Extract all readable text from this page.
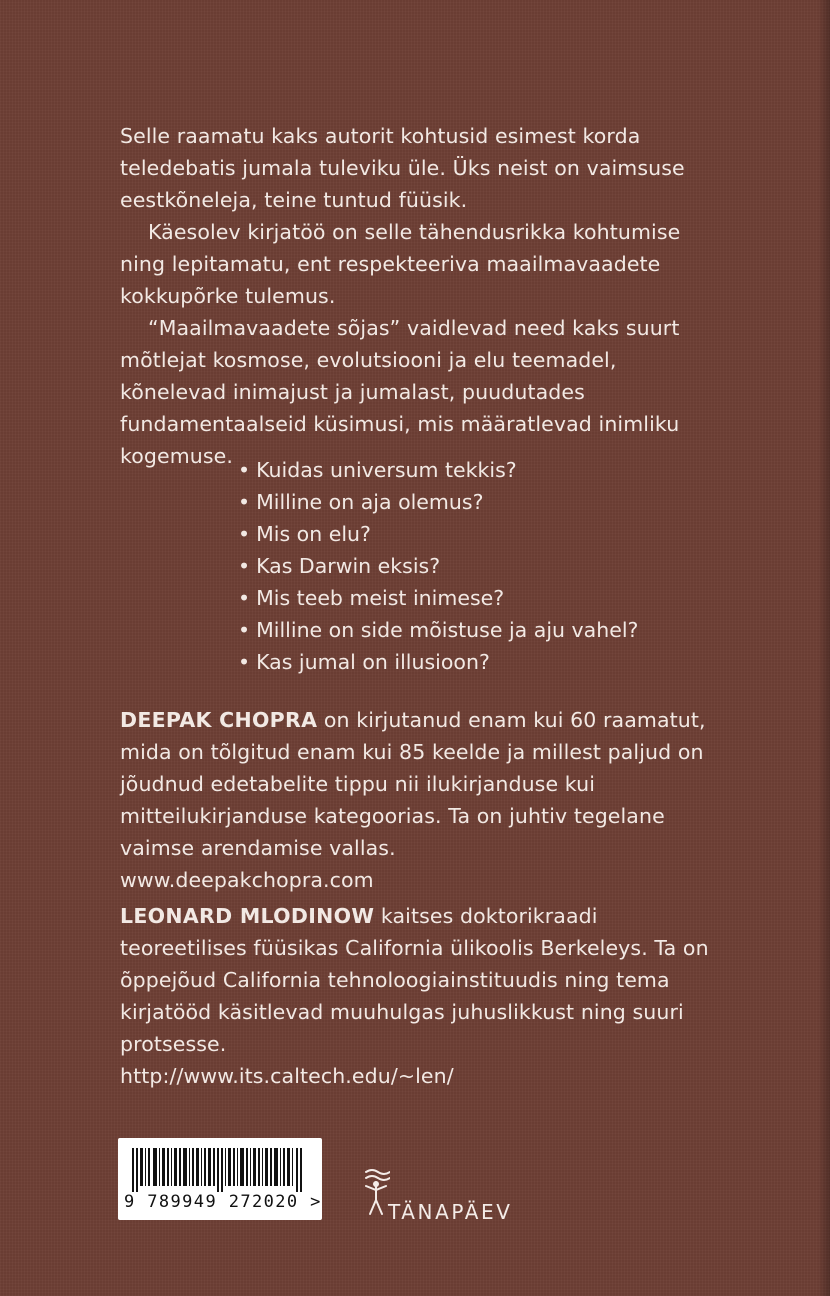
Selle raamatu kaks autorit kohtusid esimest korda teledebatis jumala tuleviku üle. Üks neist on vaimsuse eestkõneleja, teine tuntud füüsik.

Käesolev kirjatöö on selle tähendusrikka kohtumise ning lepitamatu, ent respekteeriva maailmavaadete kokkupõrke tulemus.

“Maailmavaadete sõjas” vaidlevad need kaks suurt mõtlejat kosmose, evolutsiooni ja elu teemadel, kõnelevad inimajust ja jumalast, puudutades fundamentaalseid küsimusi, mis määratlevad inimliku kogemuse.

• Kuidas universum tekkis?
• Milline on aja olemus?
• Mis on elu?
• Kas Darwin eksis?
• Mis teeb meist inimese?
• Milline on side mõistuse ja aju vahel?
• Kas jumal on illusioon?
DEEPAK CHOPRA on kirjutanud enam kui 60 raamatut, mida on tõlgitud enam kui 85 keelde ja millest paljud on jõudnud edetabelite tippu nii ilukirjanduse kui mitteilukirjanduse kategoorias. Ta on juhtiv tegelane vaimse arendamise vallas.
www.deepakchopra.com
LEONARD MLODINOW kaitses doktorikraadi teoreetilises füüsikas California ülikoolis Berkeleys. Ta on õppejõud California tehnoloogiainstituudis ning tema kirjatööd käsitlevad muuhulgas juhuslikkust ning suuri protsesse.
http://www.its.caltech.edu/~len/
9 789949 272020 >	TÄNAPÄEV
